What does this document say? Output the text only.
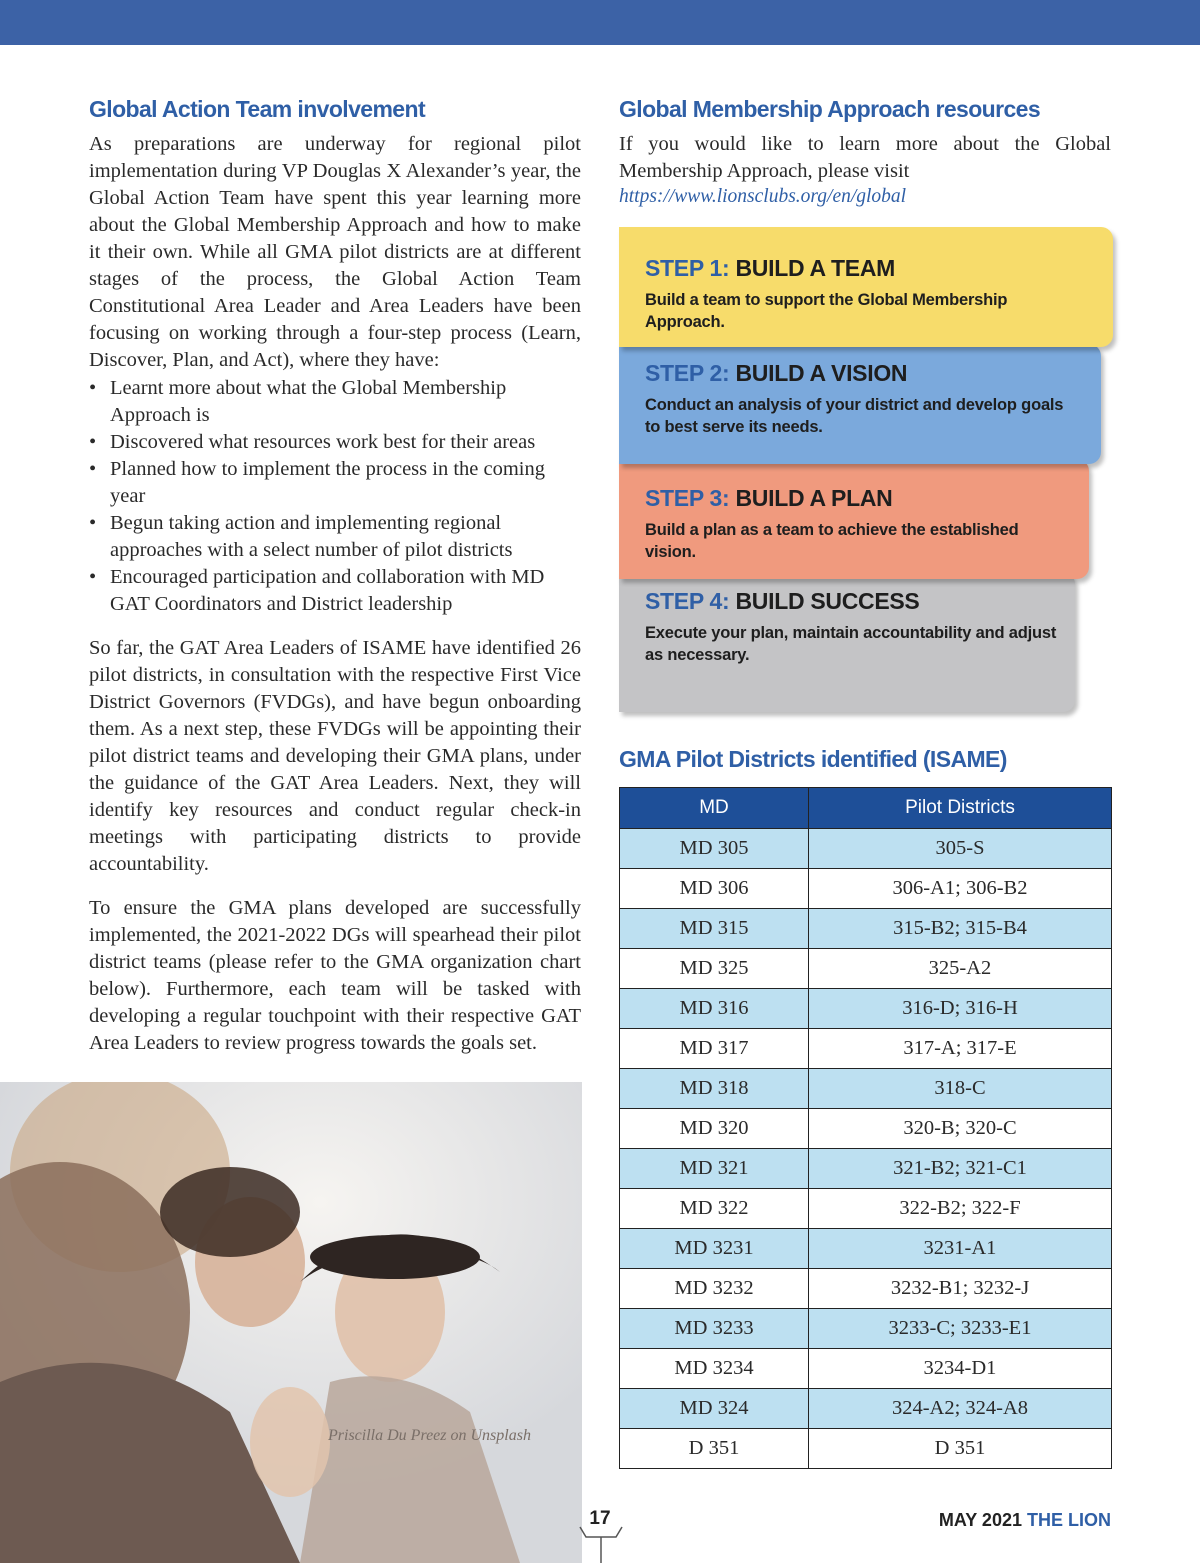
Global Action Team involvement

As preparations are underway for regional pilot implementation during VP Douglas X Alexander’s year, the Global Action Team have spent this year learning more about the Global Membership Approach and how to make it their own. While all GMA pilot districts are at different stages of the process, the Global Action Team Constitutional Area Leader and Area Leaders have been focusing on working through a four-step process (Learn, Discover, Plan, and Act), where they have:

• Learnt more about what the Global Membership Approach is
• Discovered what resources work best for their areas
• Planned how to implement the process in the coming year
• Begun taking action and implementing regional approaches with a select number of pilot districts
• Encouraged participation and collaboration with MD GAT Coordinators and District leadership

So far, the GAT Area Leaders of ISAME have identified 26 pilot districts, in consultation with the respective First Vice District Governors (FVDGs), and have begun onboarding them. As a next step, these FVDGs will be appointing their pilot district teams and developing their GMA plans, under the guidance of the GAT Area Leaders. Next, they will identify key resources and conduct regular check-in meetings with participating districts to provide accountability.

To ensure the GMA plans developed are successfully implemented, the 2021-2022 DGs will spearhead their pilot district teams (please refer to the GMA organization chart below). Furthermore, each team will be tasked with developing a regular touchpoint with their respective GAT Area Leaders to review progress towards the goals set.

Priscilla Du Preez on Unsplash
Global Membership Approach resources

If you would like to learn more about the Global Membership Approach, please visit

https://www.lionsclubs.org/en/global
STEP 1: BUILD A TEAM
Build a team to support the Global Membership Approach.
STEP 2: BUILD A VISION
Conduct an analysis of your district and develop goals to best serve its needs.
STEP 3: BUILD A PLAN
Build a plan as a team to achieve the established vision.
STEP 4: BUILD SUCCESS
Execute your plan, maintain accountability and adjust as necessary.
GMA Pilot Districts identified (ISAME)
MD	Pilot Districts
MD 305	305-S
MD 306	306-A1; 306-B2
MD 315	315-B2; 315-B4
MD 325	325-A2
MD 316	316-D; 316-H
MD 317	317-A; 317-E
MD 318	318-C
MD 320	320-B; 320-C
MD 321	321-B2; 321-C1
MD 322	322-B2; 322-F
MD 3231	3231-A1
MD 3232	3232-B1; 3232-J
MD 3233	3233-C; 3233-E1
MD 3234	3234-D1
MD 324	324-A2; 324-A8
D 351	D 351
17	MAY 2021 THE LION
